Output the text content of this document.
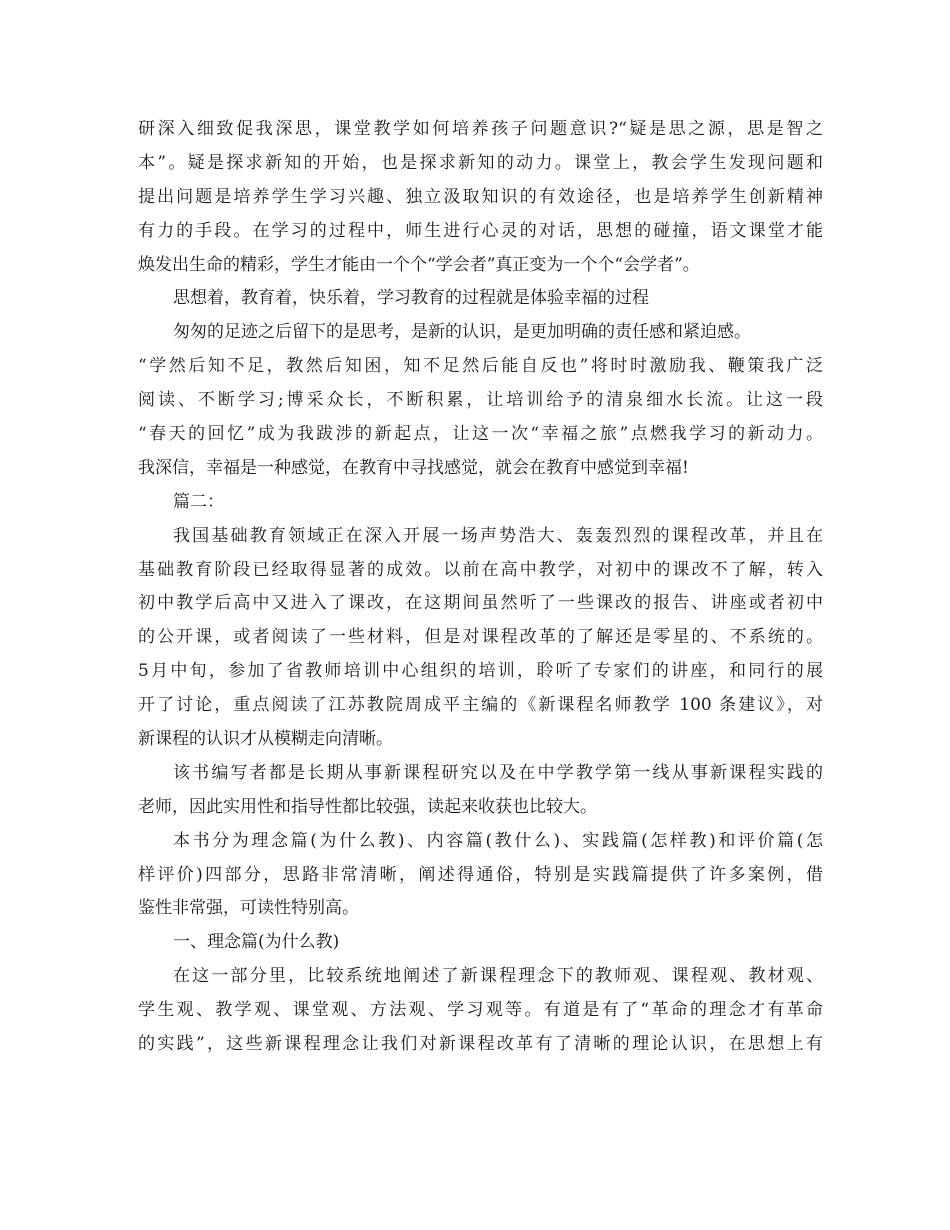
研深入细致促我深思，课堂教学如何培养孩子问题意识?“疑是思之源，思是智之
本”。疑是探求新知的开始，也是探求新知的动力。课堂上，教会学生发现问题和
提出问题是培养学生学习兴趣、独立汲取知识的有效途径，也是培养学生创新精神
有力的手段。在学习的过程中，师生进行心灵的对话，思想的碰撞，语文课堂才能
焕发出生命的精彩，学生才能由一个个“学会者”真正变为一个个“会学者”。
思想着，教育着，快乐着，学习教育的过程就是体验幸福的过程
匆匆的足迹之后留下的是思考，是新的认识，是更加明确的责任感和紧迫感。
“学然后知不足，教然后知困，知不足然后能自反也”将时时激励我、鞭策我广泛
阅读、不断学习;博采众长，不断积累，让培训给予的清泉细水长流。让这一段
“春天的回忆”成为我跋涉的新起点，让这一次“幸福之旅”点燃我学习的新动力。
我深信，幸福是一种感觉，在教育中寻找感觉，就会在教育中感觉到幸福!
篇二：
我国基础教育领域正在深入开展一场声势浩大、轰轰烈烈的课程改革，并且在
基础教育阶段已经取得显著的成效。以前在高中教学，对初中的课改不了解，转入
初中教学后高中又进入了课改，在这期间虽然听了一些课改的报告、讲座或者初中
的公开课，或者阅读了一些材料，但是对课程改革的了解还是零星的、不系统的。
5月中旬，参加了省教师培训中心组织的培训，聆听了专家们的讲座，和同行的展
开了讨论，重点阅读了江苏教院周成平主编的《新课程名师教学 100 条建议》，对
新课程的认识才从模糊走向清晰。
该书编写者都是长期从事新课程研究以及在中学教学第一线从事新课程实践的
老师，因此实用性和指导性都比较强，读起来收获也比较大。
本书分为理念篇(为什么教)、内容篇(教什么)、实践篇(怎样教)和评价篇(怎
样评价)四部分，思路非常清晰，阐述得通俗，特别是实践篇提供了许多案例，借
鉴性非常强，可读性特别高。
一、理念篇(为什么教)
在这一部分里，比较系统地阐述了新课程理念下的教师观、课程观、教材观、
学生观、教学观、课堂观、方法观、学习观等。有道是有了“革命的理念才有革命
的实践”，这些新课程理念让我们对新课程改革有了清晰的理论认识，在思想上有
